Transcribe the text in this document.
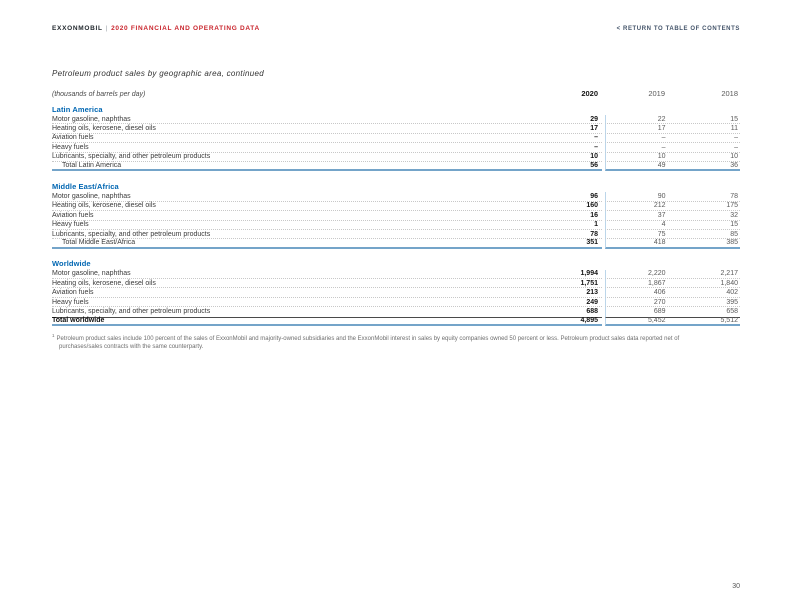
EXXONMOBIL | 2020 FINANCIAL AND OPERATING DATA	< RETURN TO TABLE OF CONTENTS
Petroleum product sales by geographic area, continued
(thousands of barrels per day)	2020	2019	2018
Latin America
Motor gasoline, naphthas	29	22	15
Heating oils, kerosene, diesel oils	17	17	11
Aviation fuels	–	–	–
Heavy fuels	–	–	–
Lubricants, specialty, and other petroleum products	10	10	10
Total Latin America	56	49	36
Middle East/Africa
Motor gasoline, naphthas	96	90	78
Heating oils, kerosene, diesel oils	160	212	175
Aviation fuels	16	37	32
Heavy fuels	1	4	15
Lubricants, specialty, and other petroleum products	78	75	85
Total Middle East/Africa	351	418	385
Worldwide
Motor gasoline, naphthas	1,994	2,220	2,217
Heating oils, kerosene, diesel oils	1,751	1,867	1,840
Aviation fuels	213	406	402
Heavy fuels	249	270	395
Lubricants, specialty, and other petroleum products	688	689	658
Total worldwide	4,895	5,452	5,512
$^1$Petroleum product sales include 100 percent of the sales of ExxonMobil and majority-owned subsidiaries and the ExxonMobil interest in sales by equity companies owned 50 percent or less. Petroleum product sales data reported net of purchases/sales contracts with the same counterparty.
30
